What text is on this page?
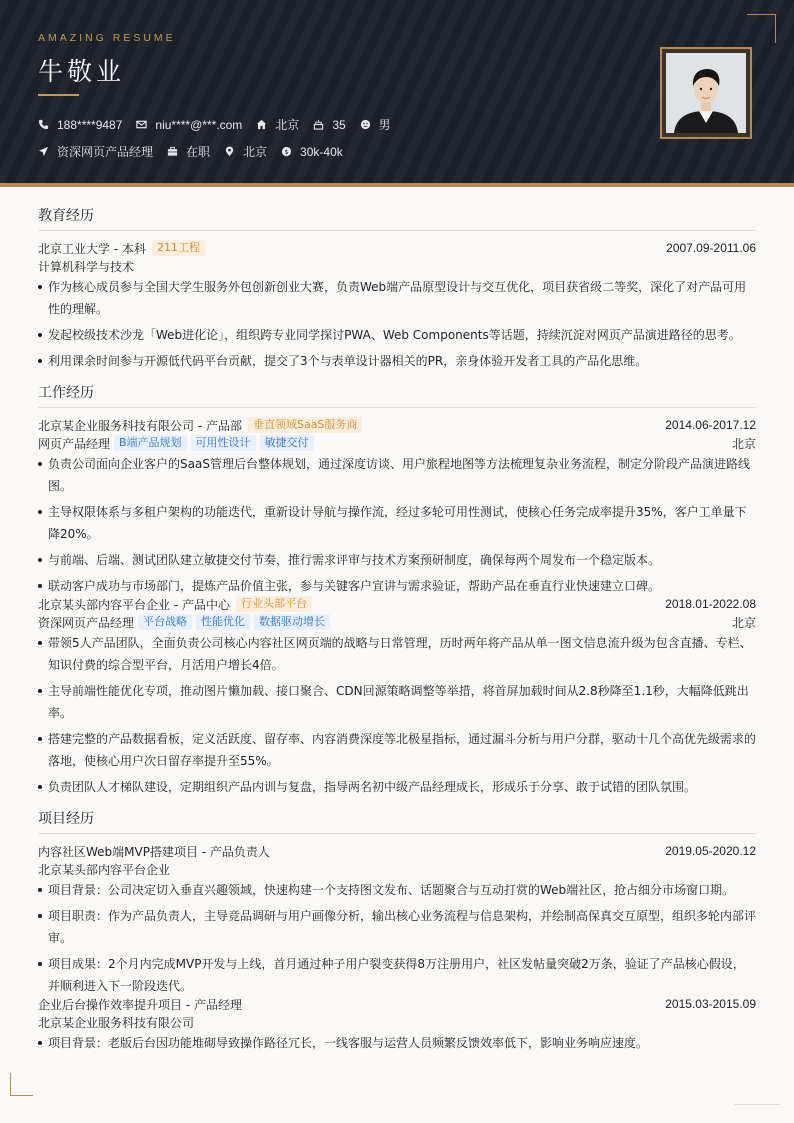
AMAZING RESUME
牛敬业
188****9487	niu****@***.com	北京	35	男
资深网页产品经理	在职	北京 $ 30k-40k
教育经历
北京工业大学 - 本科	211工程	2007.09-2011.06
计算机科学与技术
作为核心成员参与全国大学生服务外包创新创业大赛，负责Web端产品原型设计与交互优化，项目获省级二等奖，深化了对产品可用性的理解。
发起校级技术沙龙「Web进化论」，组织跨专业同学探讨PWA、Web Components等话题，持续沉淀对网页产品演进路径的思考。
利用课余时间参与开源低代码平台贡献，提交了3个与表单设计器相关的PR，亲身体验开发者工具的产品化思维。
工作经历
北京某企业服务科技有限公司 - 产品部	垂直领域SaaS服务商	2014.06-2017.12
网页产品经理 B端产品规划	可用性设计	敏捷交付	北京
负责公司面向企业客户的SaaS管理后台整体规划，通过深度访谈、用户旅程地图等方法梳理复杂业务流程，制定分阶段产品演进路线图。
主导权限体系与多租户架构的功能迭代，重新设计导航与操作流，经过多轮可用性测试，使核心任务完成率提升35%，客户工单量下降20%。
与前端、后端、测试团队建立敏捷交付节奏，推行需求评审与技术方案预研制度，确保每两个周发布一个稳定版本。
联动客户成功与市场部门，提炼产品价值主张，参与关键客户宣讲与需求验证，帮助产品在垂直行业快速建立口碑。
北京某头部内容平台企业 - 产品中心	行业头部平台	2018.01-2022.08
资深网页产品经理 平台战略	性能优化	数据驱动增长	北京
带领5人产品团队，全面负责公司核心内容社区网页端的战略与日常管理，历时两年将产品从单一图文信息流升级为包含直播、专栏、知识付费的综合型平台，月活用户增长4倍。
主导前端性能优化专项，推动图片懒加载、接口聚合、CDN回源策略调整等举措，将首屏加载时间从2.8秒降至1.1秒，大幅降低跳出率。
搭建完整的产品数据看板，定义活跃度、留存率、内容消费深度等北极星指标，通过漏斗分析与用户分群，驱动十几个高优先级需求的落地，使核心用户次日留存率提升至55%。
负责团队人才梯队建设，定期组织产品内训与复盘，指导两名初中级产品经理成长，形成乐于分享、敢于试错的团队氛围。
项目经历
内容社区Web端MVP搭建项目 - 产品负责人	2019.05-2020.12
北京某头部内容平台企业
项目背景：公司决定切入垂直兴趣领域，快速构建一个支持图文发布、话题聚合与互动打赏的Web端社区，抢占细分市场窗口期。
项目职责：作为产品负责人，主导竞品调研与用户画像分析，输出核心业务流程与信息架构，并绘制高保真交互原型，组织多轮内部评审。
项目成果：2个月内完成MVP开发与上线，首月通过种子用户裂变获得8万注册用户，社区发帖量突破2万条，验证了产品核心假设，并顺利进入下一阶段迭代。
企业后台操作效率提升项目 - 产品经理	2015.03-2015.09
北京某企业服务科技有限公司
项目背景：老版后台因功能堆砌导致操作路径冗长，一线客服与运营人员频繁反馈效率低下，影响业务响应速度。
